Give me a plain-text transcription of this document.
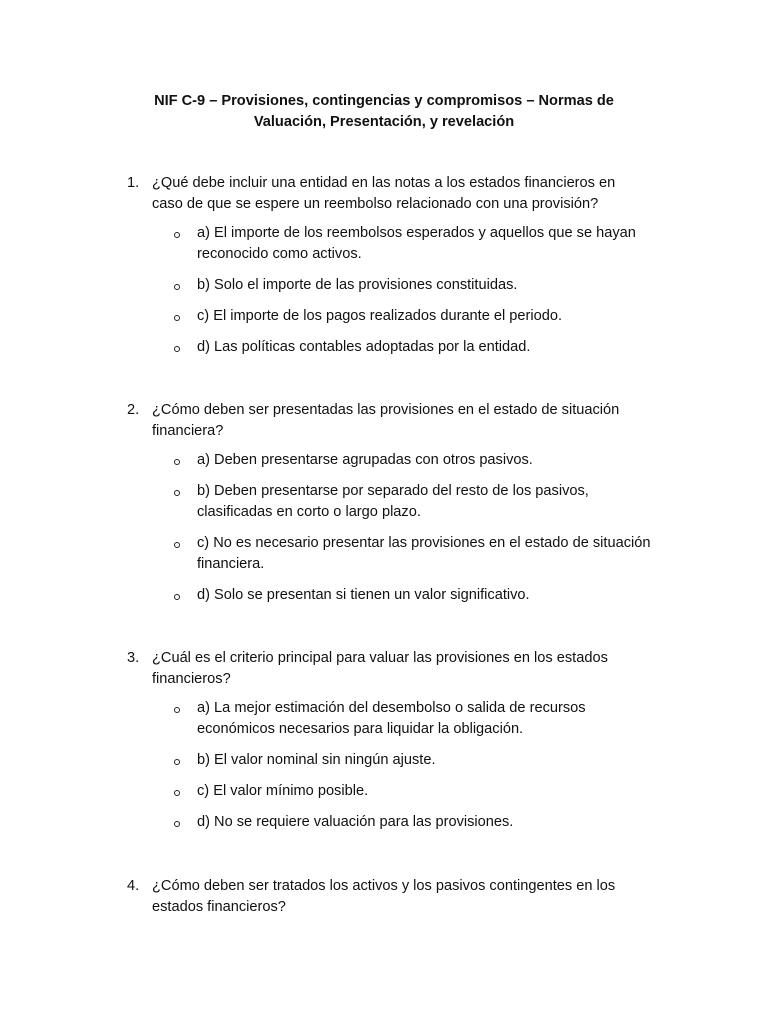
NIF C-9 – Provisiones, contingencias y compromisos – Normas de Valuación, Presentación, y revelación
1. ¿Qué debe incluir una entidad en las notas a los estados financieros en caso de que se espere un reembolso relacionado con una provisión?
a) El importe de los reembolsos esperados y aquellos que se hayan reconocido como activos.
b) Solo el importe de las provisiones constituidas.
c) El importe de los pagos realizados durante el periodo.
d) Las políticas contables adoptadas por la entidad.
2. ¿Cómo deben ser presentadas las provisiones en el estado de situación financiera?
a) Deben presentarse agrupadas con otros pasivos.
b) Deben presentarse por separado del resto de los pasivos, clasificadas en corto o largo plazo.
c) No es necesario presentar las provisiones en el estado de situación financiera.
d) Solo se presentan si tienen un valor significativo.
3. ¿Cuál es el criterio principal para valuar las provisiones en los estados financieros?
a) La mejor estimación del desembolso o salida de recursos económicos necesarios para liquidar la obligación.
b) El valor nominal sin ningún ajuste.
c) El valor mínimo posible.
d) No se requiere valuación para las provisiones.
4. ¿Cómo deben ser tratados los activos y los pasivos contingentes en los estados financieros?
